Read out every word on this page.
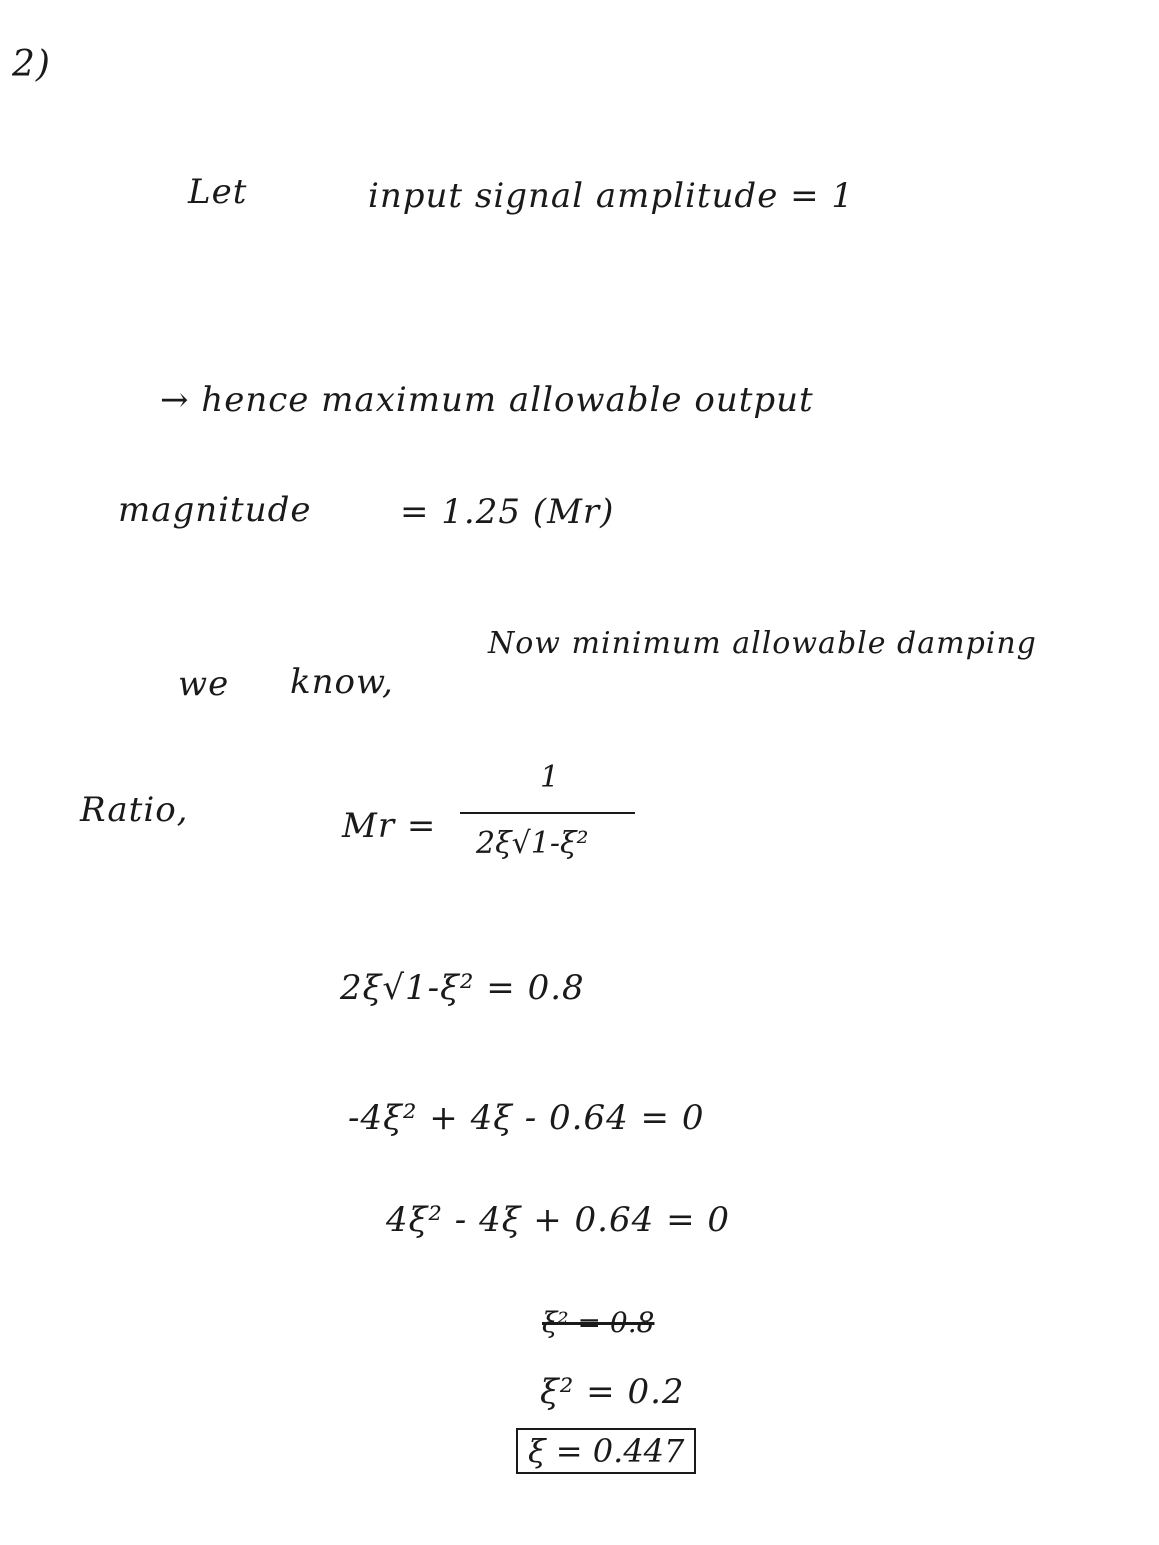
2)
Let	input signal amplitude = 1
→ hence maximum allowable output
magnitude	= 1.25 (Mr)
we know,
Now minimum allowable damping
Ratio,	Mr =
1
2ξ√1-ξ²
2ξ√1-ξ² = 0.8
-4ξ² + 4ξ - 0.64 = 0
4ξ² - 4ξ + 0.64 = 0
ξ² = 0.8
ξ² = 0.2
ξ = 0.447
